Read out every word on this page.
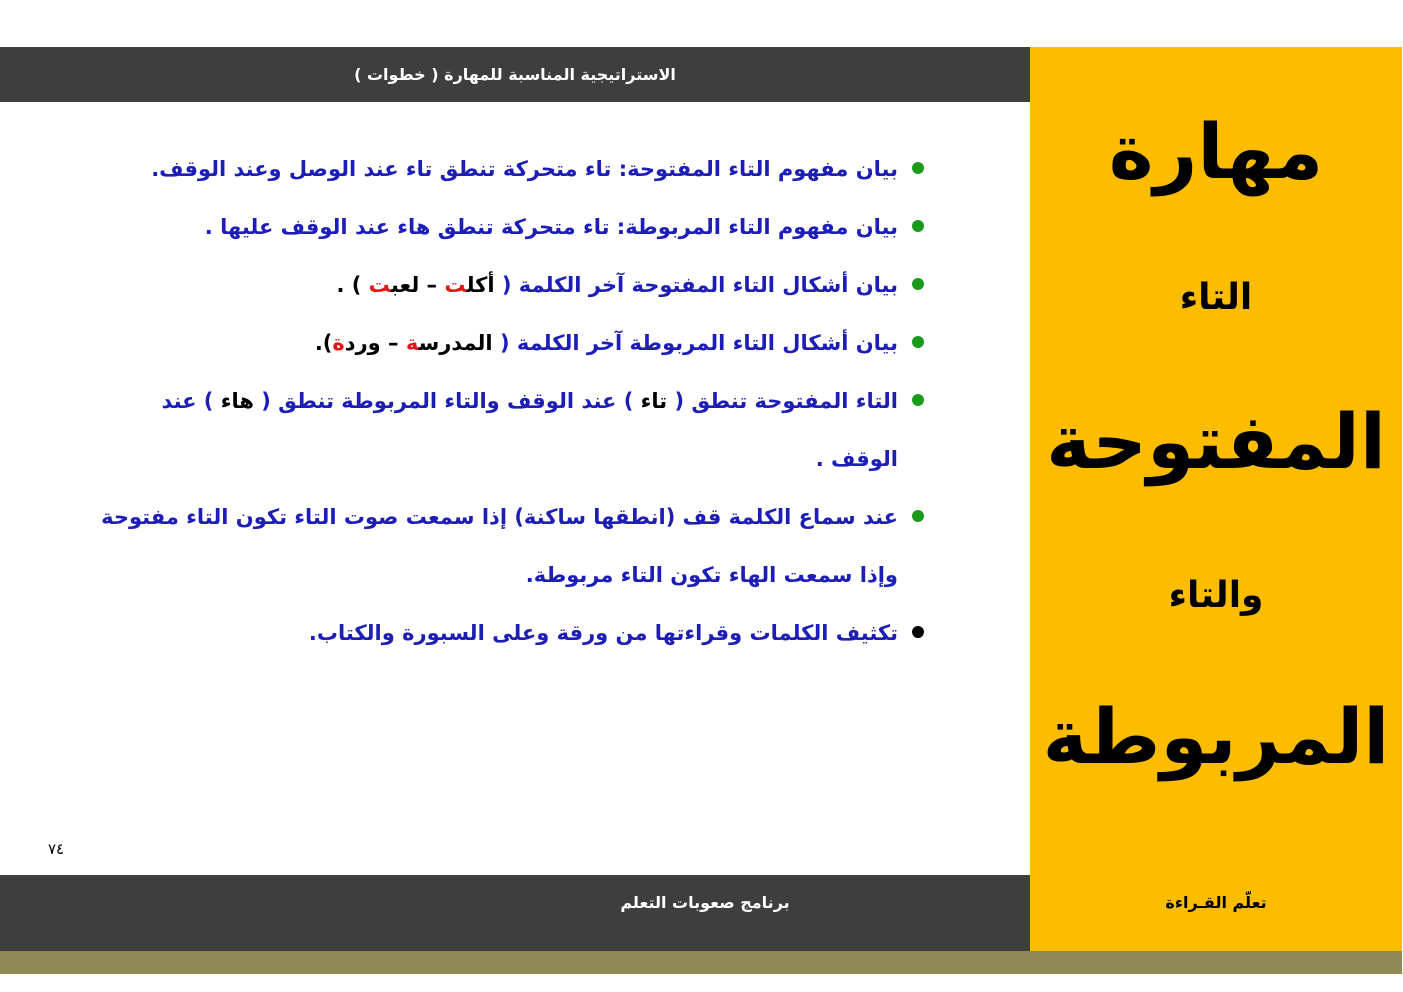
الاستراتيجية المناسبة للمهارة ( خطوات )
مهارة
التاء
المفتوحة
والتاء
المربوطة
بيان مفهوم التاء المفتوحة: تاء متحركة تنطق تاء عند الوصل وعند الوقف.
بيان مفهوم التاء المربوطة: تاء متحركة تنطق هاء عند الوقف عليها .
بيان أشكال التاء المفتوحة آخر الكلمة ( أكلت – لعبت ) .
بيان أشكال التاء المربوطة آخر الكلمة ( المدرسة – وردة).
التاء المفتوحة تنطق ( تاء ) عند الوقف والتاء المربوطة تنطق ( هاء ) عند الوقف .
عند سماع الكلمة قف (انطقها ساكنة) إذا سمعت صوت التاء تكون التاء مفتوحة وإذا سمعت الهاء تكون التاء مربوطة.
تكثيف الكلمات وقراءتها من ورقة وعلى السبورة والكتاب.
٧٤
برنامج صعوبات التعلم	تعلّم القـراءة
